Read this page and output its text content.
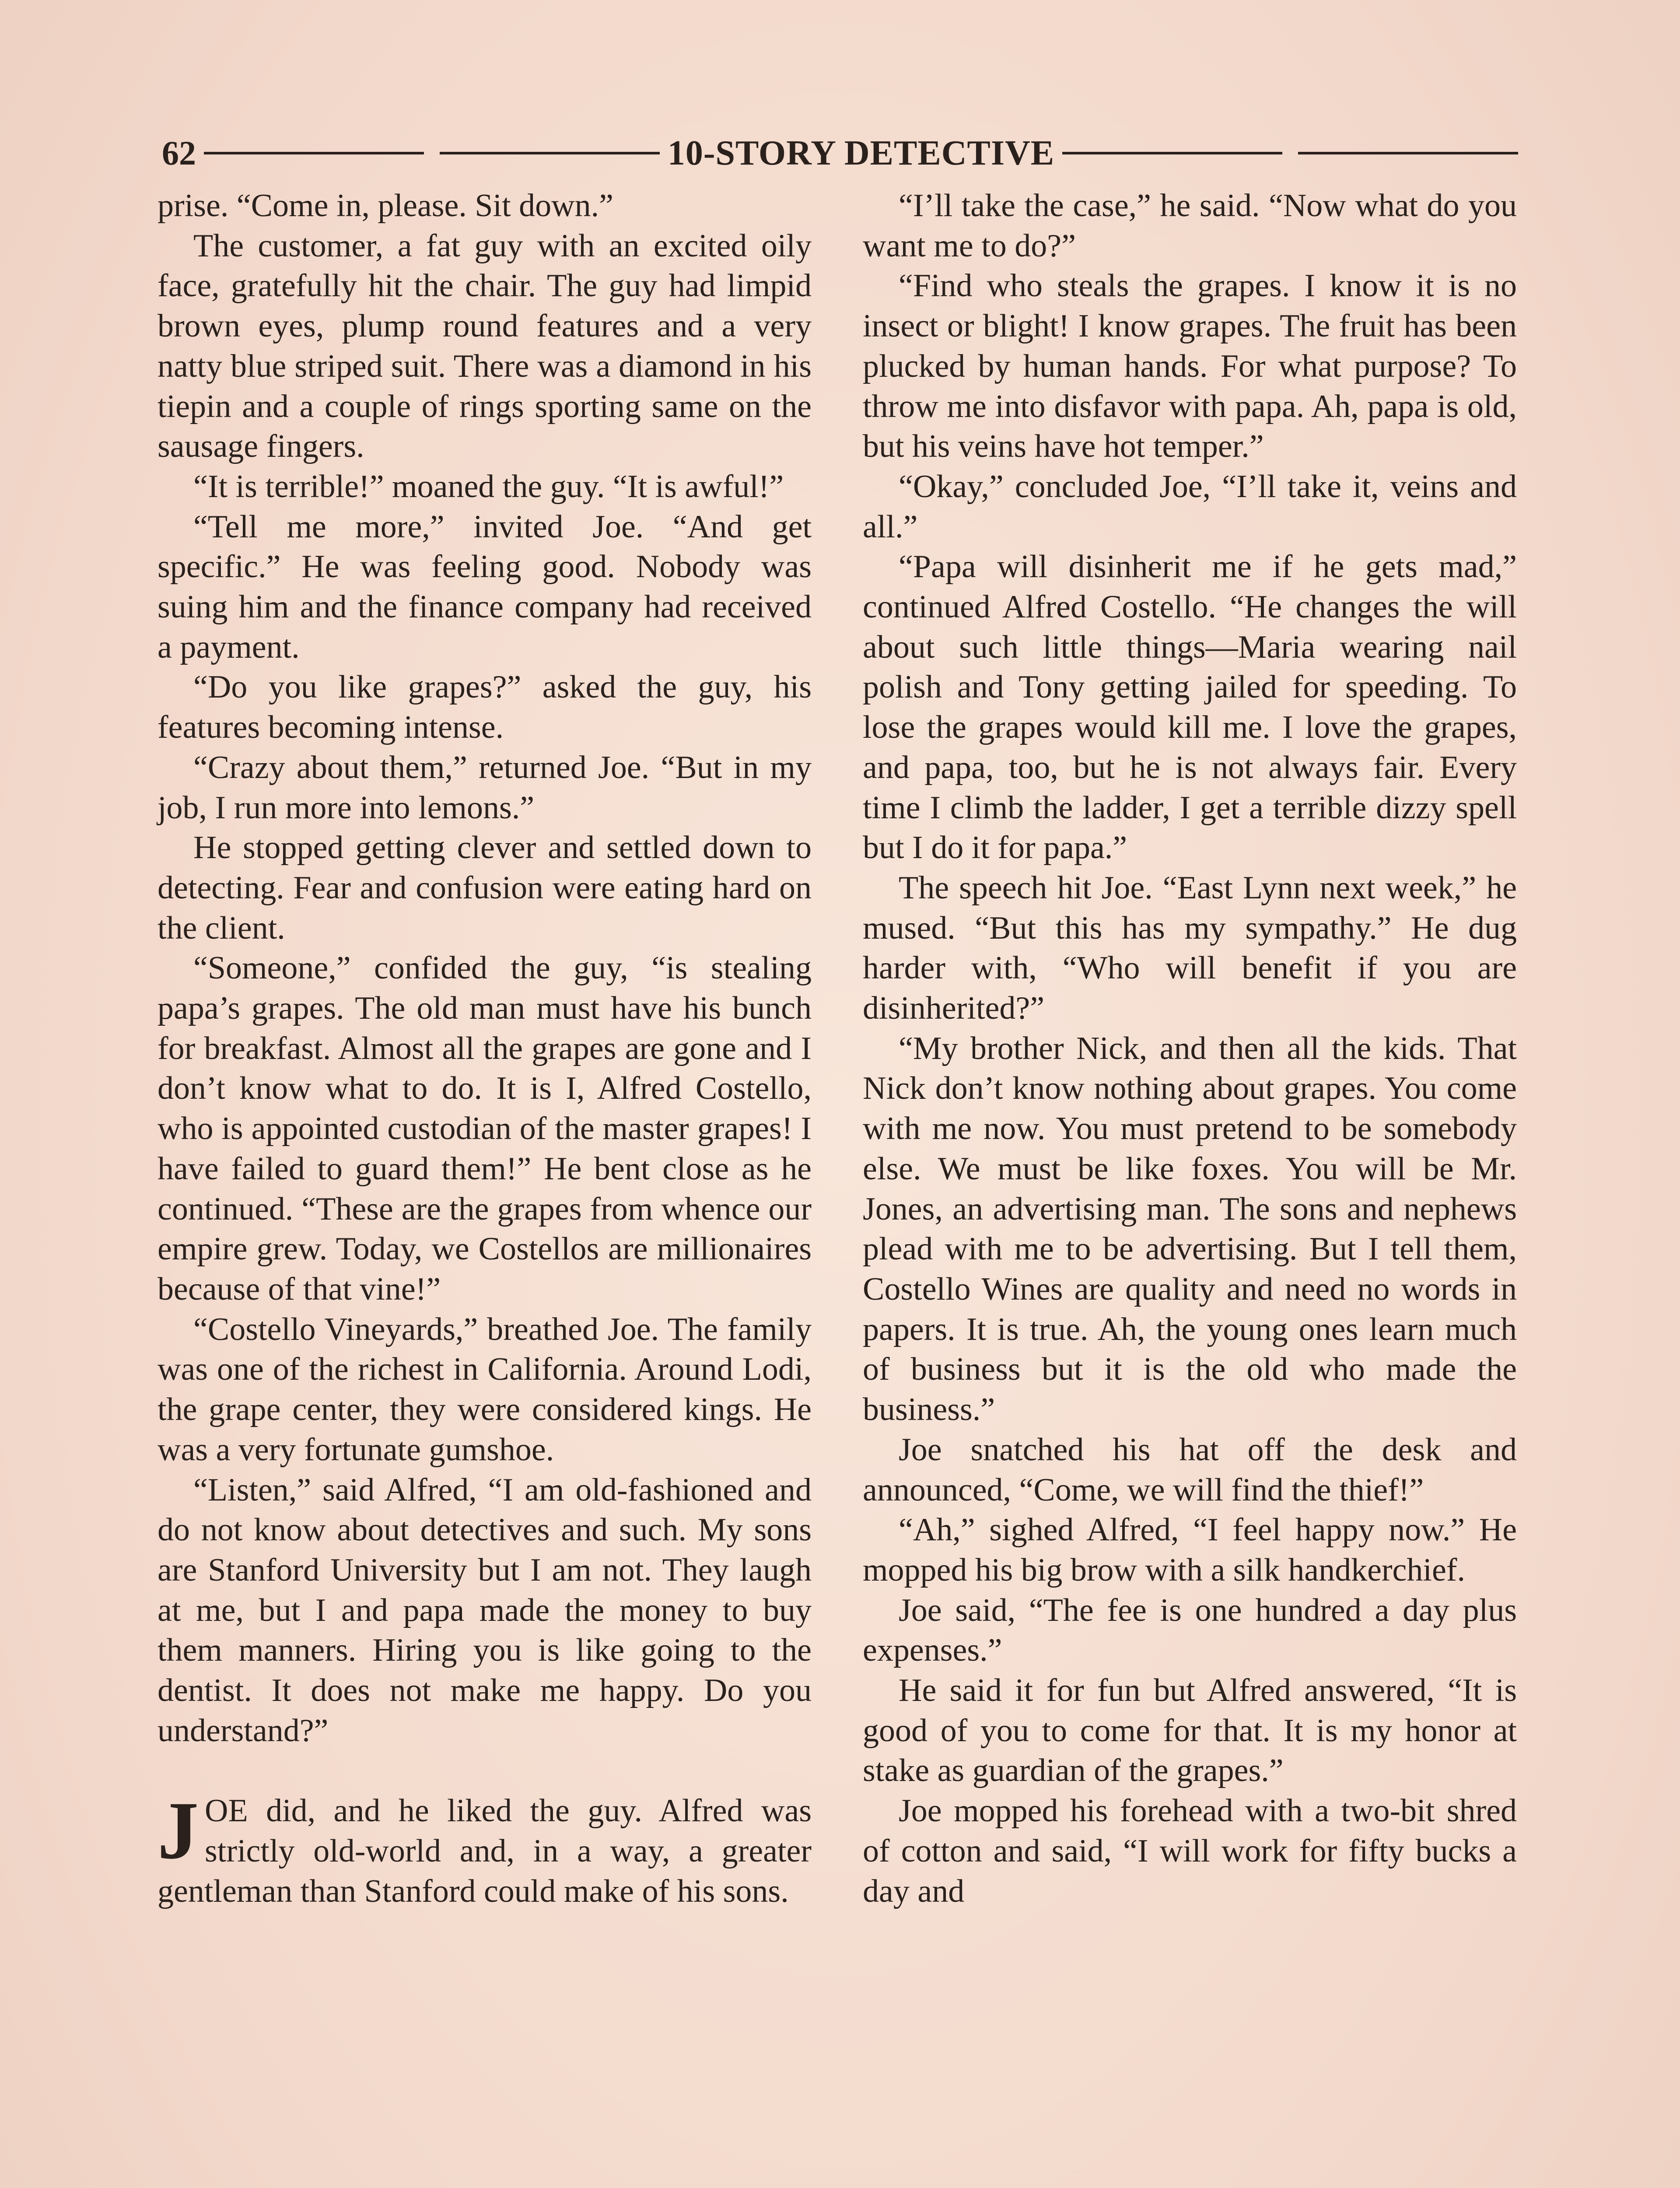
62	10-STORY DETECTIVE

prise. “Come in, please. Sit down.”

The customer, a fat guy with an excited oily face, gratefully hit the chair. The guy had limpid brown eyes, plump round features and a very natty blue striped suit. There was a diamond in his tiepin and a couple of rings sporting same on the sausage fingers.

“It is terrible!” moaned the guy. “It is awful!”

“Tell me more,” invited Joe. “And get specific.” He was feeling good. Nobody was suing him and the finance company had received a payment.

“Do you like grapes?” asked the guy, his features becoming intense.

“Crazy about them,” returned Joe. “But in my job, I run more into lemons.”

He stopped getting clever and settled down to detecting. Fear and confusion were eating hard on the client.

“Someone,” confided the guy, “is stealing papa’s grapes. The old man must have his bunch for breakfast. Almost all the grapes are gone and I don’t know what to do. It is I, Alfred Costello, who is appointed custodian of the master grapes! I have failed to guard them!” He bent close as he continued. “These are the grapes from whence our empire grew. Today, we Costellos are millionaires because of that vine!”

“Costello Vineyards,” breathed Joe. The family was one of the richest in California. Around Lodi, the grape center, they were considered kings. He was a very fortunate gumshoe.

“Listen,” said Alfred, “I am old-fashioned and do not know about detectives and such. My sons are Stanford University but I am not. They laugh at me, but I and papa made the money to buy them manners. Hiring you is like going to the dentist. It does not make me happy. Do you understand?”

JOE did, and he liked the guy. Alfred was strictly old-world and, in a way, a greater gentleman than Stanford could make of his sons.

“I’ll take the case,” he said. “Now what do you want me to do?”

“Find who steals the grapes. I know it is no insect or blight! I know grapes. The fruit has been plucked by human hands. For what purpose? To throw me into disfavor with papa. Ah, papa is old, but his veins have hot temper.”

“Okay,” concluded Joe, “I’ll take it, veins and all.”

“Papa will disinherit me if he gets mad,” continued Alfred Costello. “He changes the will about such little things—Maria wearing nail polish and Tony getting jailed for speeding. To lose the grapes would kill me. I love the grapes, and papa, too, but he is not always fair. Every time I climb the ladder, I get a terrible dizzy spell but I do it for papa.”

The speech hit Joe. “East Lynn next week,” he mused. “But this has my sympathy.” He dug harder with, “Who will benefit if you are disinherited?”

“My brother Nick, and then all the kids. That Nick don’t know nothing about grapes. You come with me now. You must pretend to be somebody else. We must be like foxes. You will be Mr. Jones, an advertising man. The sons and nephews plead with me to be advertising. But I tell them, Costello Wines are quality and need no words in papers. It is true. Ah, the young ones learn much of business but it is the old who made the business.”

Joe snatched his hat off the desk and announced, “Come, we will find the thief!”

“Ah,” sighed Alfred, “I feel happy now.” He mopped his big brow with a silk handkerchief.

Joe said, “The fee is one hundred a day plus expenses.”

He said it for fun but Alfred answered, “It is good of you to come for that. It is my honor at stake as guardian of the grapes.”

Joe mopped his forehead with a two-bit shred of cotton and said, “I will work for fifty bucks a day and
